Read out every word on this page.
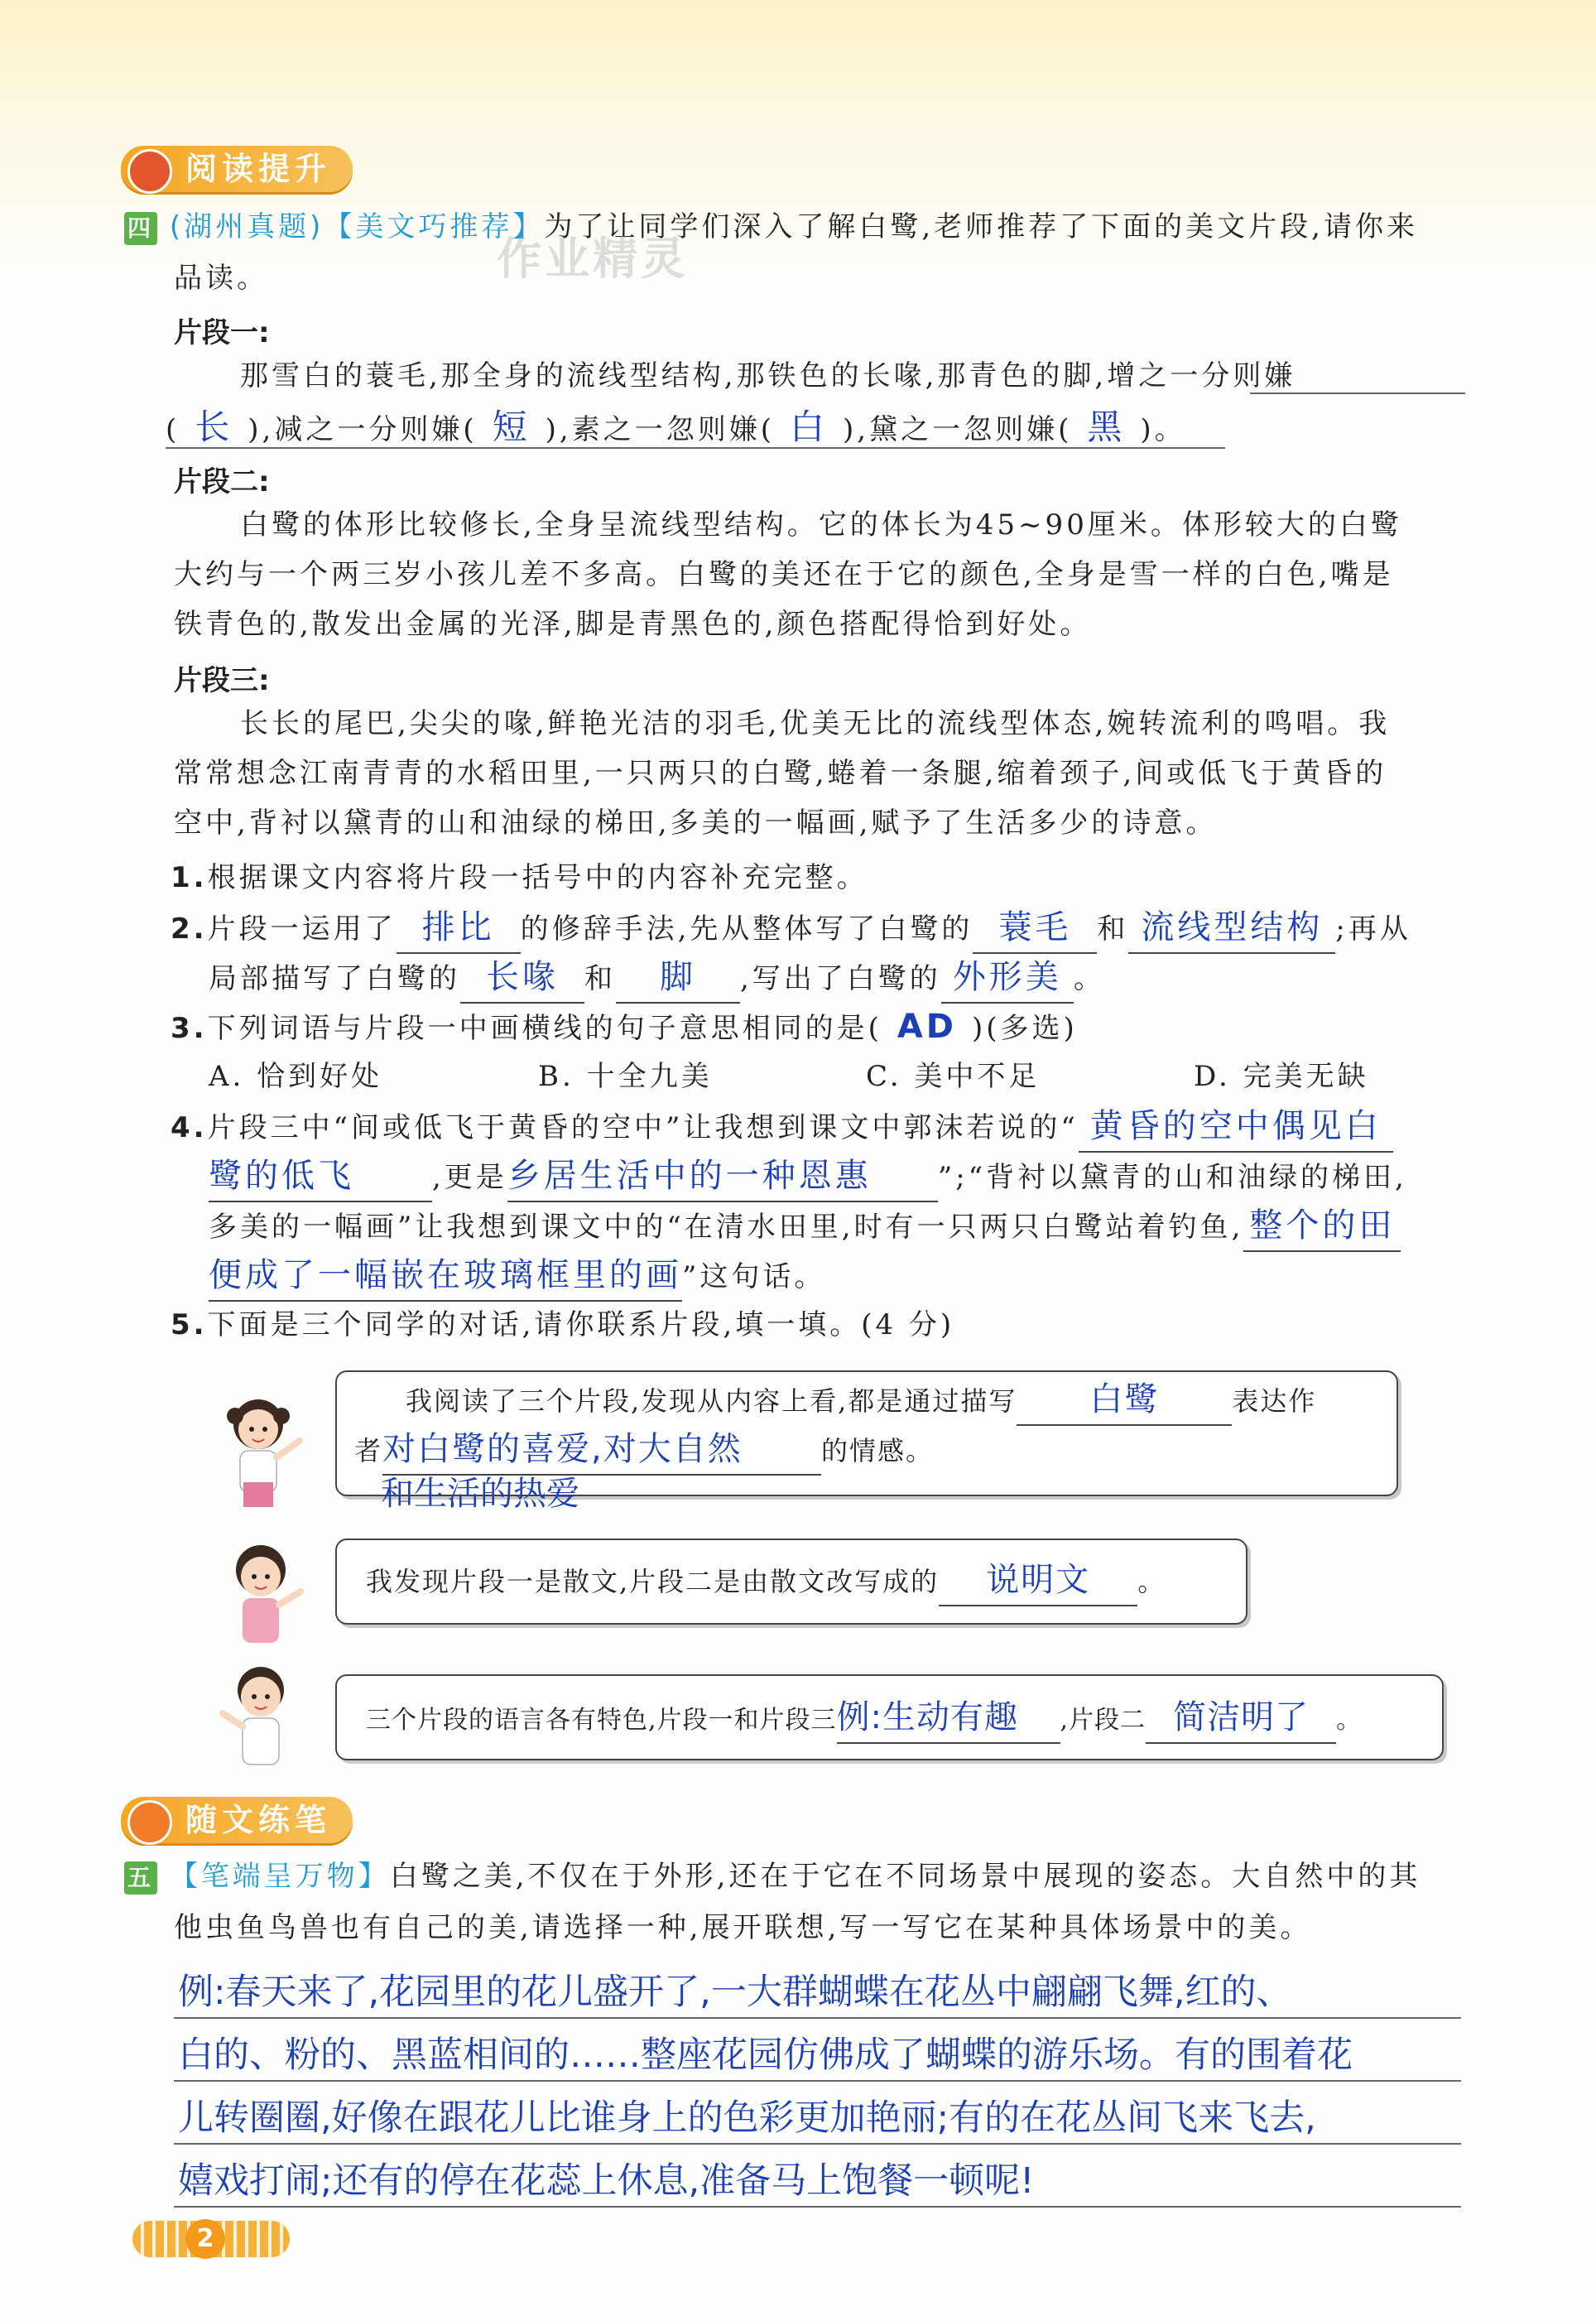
阅读提升
四 (湖州真题)【美文巧推荐】为了让同学们深入了解白鹭,老师推荐了下面的美文片段,请你来
品读。	作业精灵
片段一:
那雪白的蓑毛,那全身的流线型结构,那铁色的长喙,那青色的脚,增之一分则嫌
( 长 ),减之一分则嫌( 短 ),素之一忽则嫌( 白 ),黛之一忽则嫌( 黑 )。
片段二:
白鹭的体形比较修长,全身呈流线型结构。它的体长为45~90厘米。体形较大的白鹭
大约与一个两三岁小孩儿差不多高。白鹭的美还在于它的颜色,全身是雪一样的白色,嘴是
铁青色的,散发出金属的光泽,脚是青黑色的,颜色搭配得恰到好处。
片段三:
长长的尾巴,尖尖的喙,鲜艳光洁的羽毛,优美无比的流线型体态,婉转流利的鸣唱。我
常常想念江南青青的水稻田里,一只两只的白鹭,蜷着一条腿,缩着颈子,间或低飞于黄昏的
空中,背衬以黛青的山和油绿的梯田,多美的一幅画,赋予了生活多少的诗意。
1.根据课文内容将片段一括号中的内容补充完整。
2.片段一运用了 排比 的修辞手法,先从整体写了白鹭的 蓑毛 和 流线型结构 ;再从
局部描写了白鹭的 长喙 和 脚 ,写出了白鹭的 外形美 。
3.下列词语与片段一中画横线的句子意思相同的是( AD )(多选)
A. 恰到好处	B. 十全九美	C. 美中不足	D. 完美无缺
4.片段三中“间或低飞于黄昏的空中”让我想到课文中郭沫若说的“ 黄昏的空中偶见白
鹭的低飞	,更是乡居生活中的一种恩惠 ”;“背衬以黛青的山和油绿的梯田,
多美的一幅画”让我想到课文中的“在清水田里,时有一只两只白鹭站着钓鱼, 整个的田
便成了一幅嵌在玻璃框里的画”这句话。
5.下面是三个同学的对话,请你联系片段,填一填。(4 分)
我阅读了三个片段,发现从内容上看,都是通过描写 白鹭	表达作
者对白鹭的喜爱,对大自然	的情感。
和生活的热爱
我发现片段一是散文,片段二是由散文改写成的 说明文 。
三个片段的语言各有特色,片段一和片段三例:生动有趣 ,片段二 简洁明了 。
随文练笔
五 【笔端呈万物】白鹭之美,不仅在于外形,还在于它在不同场景中展现的姿态。大自然中的其
他虫鱼鸟兽也有自己的美,请选择一种,展开联想,写一写它在某种具体场景中的美。
例:春天来了,花园里的花儿盛开了,一大群蝴蝶在花丛中翩翩飞舞,红的、
白的、粉的、黑蓝相间的……整座花园仿佛成了蝴蝶的游乐场。有的围着花
儿转圈圈,好像在跟花儿比谁身上的色彩更加艳丽;有的在花丛间飞来飞去,
嬉戏打闹;还有的停在花蕊上休息,准备马上饱餐一顿呢!
2
